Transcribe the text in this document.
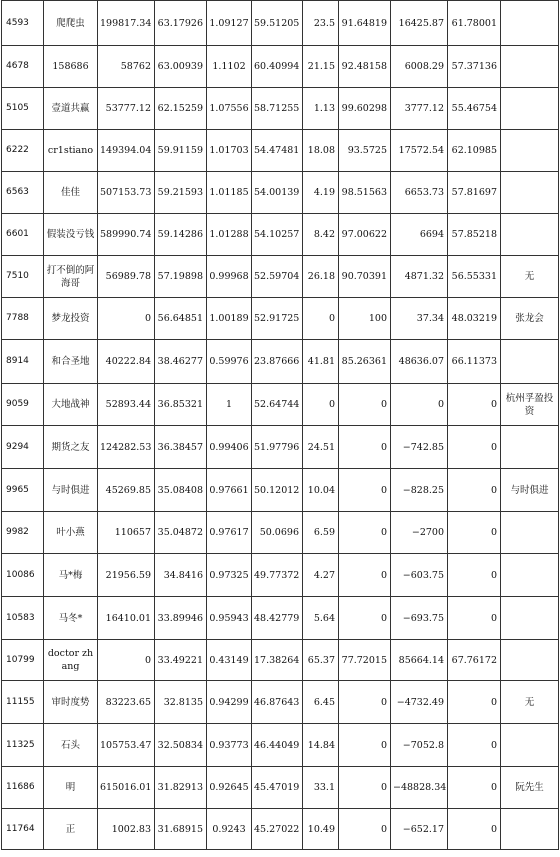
4593	爬爬虫	199817.34	63.17926	1.09127	59.51205	23.5	91.64819	16425.87	61.78001	
4678	158686	58762	63.00939	1.1102	60.40994	21.15	92.48158	6008.29	57.37136	
5105	壹道共赢	53777.12	62.15259	1.07556	58.71255	1.13	99.60298	3777.12	55.46754	
6222	cr1stiano	149394.04	59.91159	1.01703	54.47481	18.08	93.5725	17572.54	62.10985	
6563	佳佳	507153.73	59.21593	1.01185	54.00139	4.19	98.51563	6653.73	57.81697	
6601	假装没亏钱	589990.74	59.14286	1.01288	54.10257	8.42	97.00622	6694	57.85218	
7510	打不倒的阿海哥	56989.78	57.19898	0.99968	52.59704	26.18	90.70391	4871.32	56.55331	无
7788	梦龙投资	0	56.64851	1.00189	52.91725	0	100	37.34	48.03219	张龙会
8914	和合圣地	40222.84	38.46277	0.59976	23.87666	41.81	85.26361	48636.07	66.11373	
9059	大地战神	52893.44	36.85321	1	52.64744	0	0	0	0	杭州孚盈投资
9294	期货之友	124282.53	36.38457	0.99406	51.97796	24.51	0	−742.85	0	
9965	与时俱进	45269.85	35.08408	0.97661	50.12012	10.04	0	−828.25	0	与时俱进
9982	叶小燕	110657	35.04872	0.97617	50.0696	6.59	0	−2700	0	
10086	马*梅	21956.59	34.8416	0.97325	49.77372	4.27	0	−603.75	0	
10583	马冬*	16410.01	33.89946	0.95943	48.42779	5.64	0	−693.75	0	
10799	doctor zhang	0	33.49221	0.43149	17.38264	65.37	77.72015	85664.14	67.76172	
11155	审时度势	83223.65	32.8135	0.94299	46.87643	6.45	0	−4732.49	0	无
11325	石头	105753.47	32.50834	0.93773	46.44049	14.84	0	−7052.8	0	
11686	明	615016.01	31.82913	0.92645	45.47019	33.1	0	−48828.34	0	阮先生
11764	正	1002.83	31.68915	0.9243	45.27022	10.49	0	−652.17	0	
